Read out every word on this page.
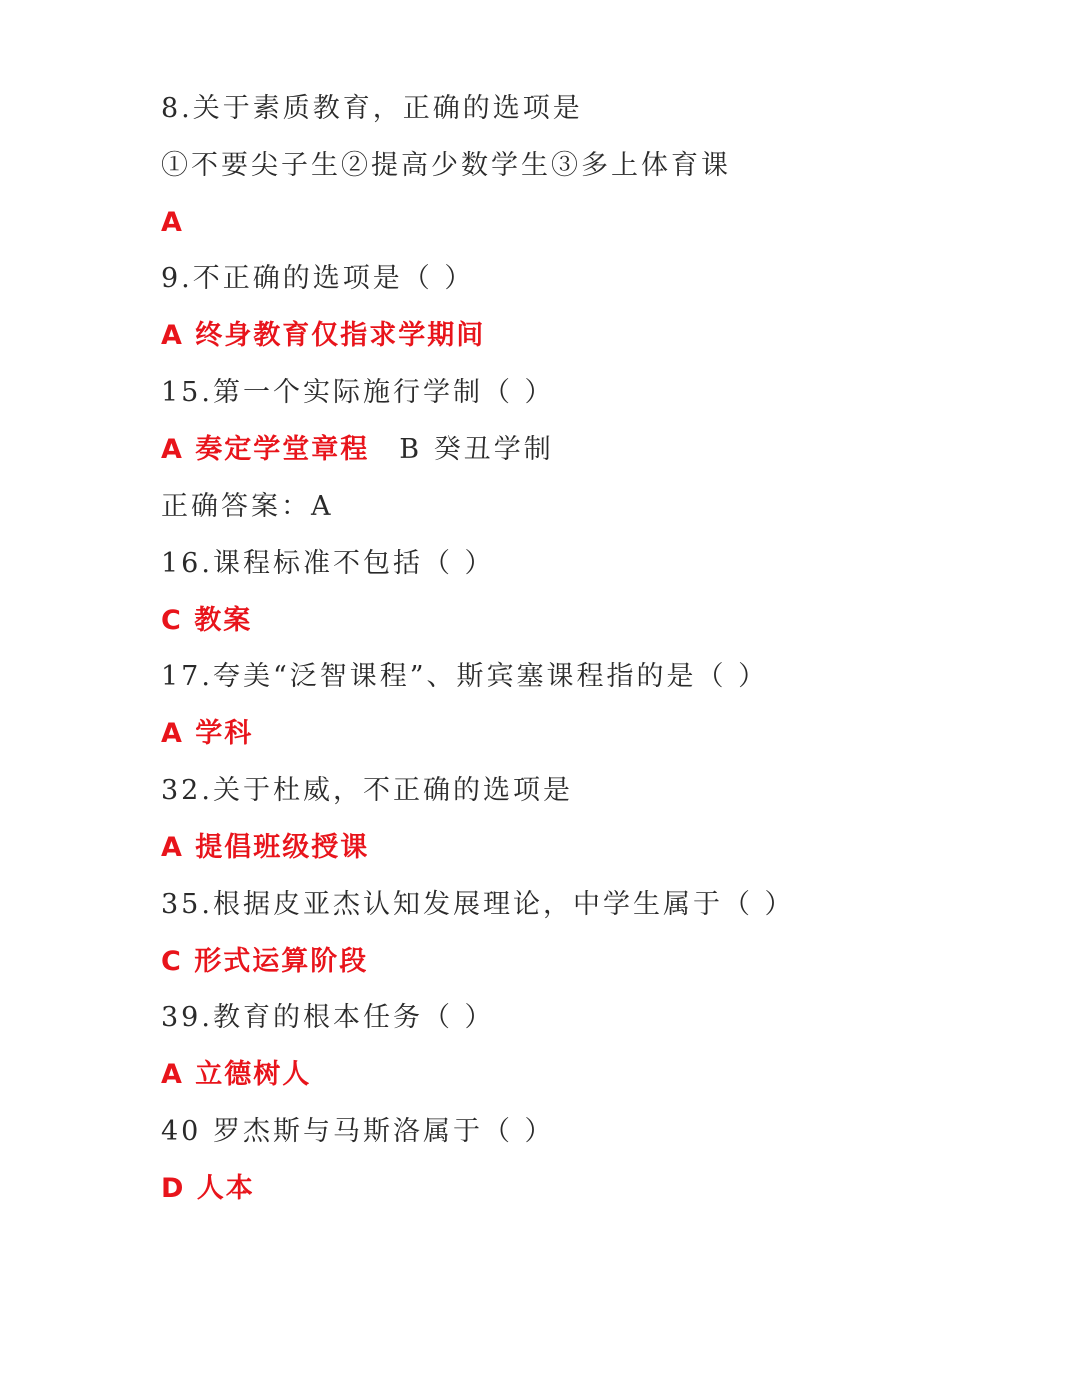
8.关于素质教育，正确的选项是
①不要尖子生②提高少数学生③多上体育课
A
9.不正确的选项是（ ）
A 终身教育仅指求学期间
15.第一个实际施行学制（ ）
A 奏定学堂章程 B 癸丑学制
正确答案：A
16.课程标准不包括（ ）
C 教案
17.夸美“泛智课程”、斯宾塞课程指的是（ ）
A 学科
32.关于杜威，不正确的选项是
A 提倡班级授课
35.根据皮亚杰认知发展理论，中学生属于（ ）
C 形式运算阶段
39.教育的根本任务（ ）
A 立德树人
40 罗杰斯与马斯洛属于（ ）
D 人本
